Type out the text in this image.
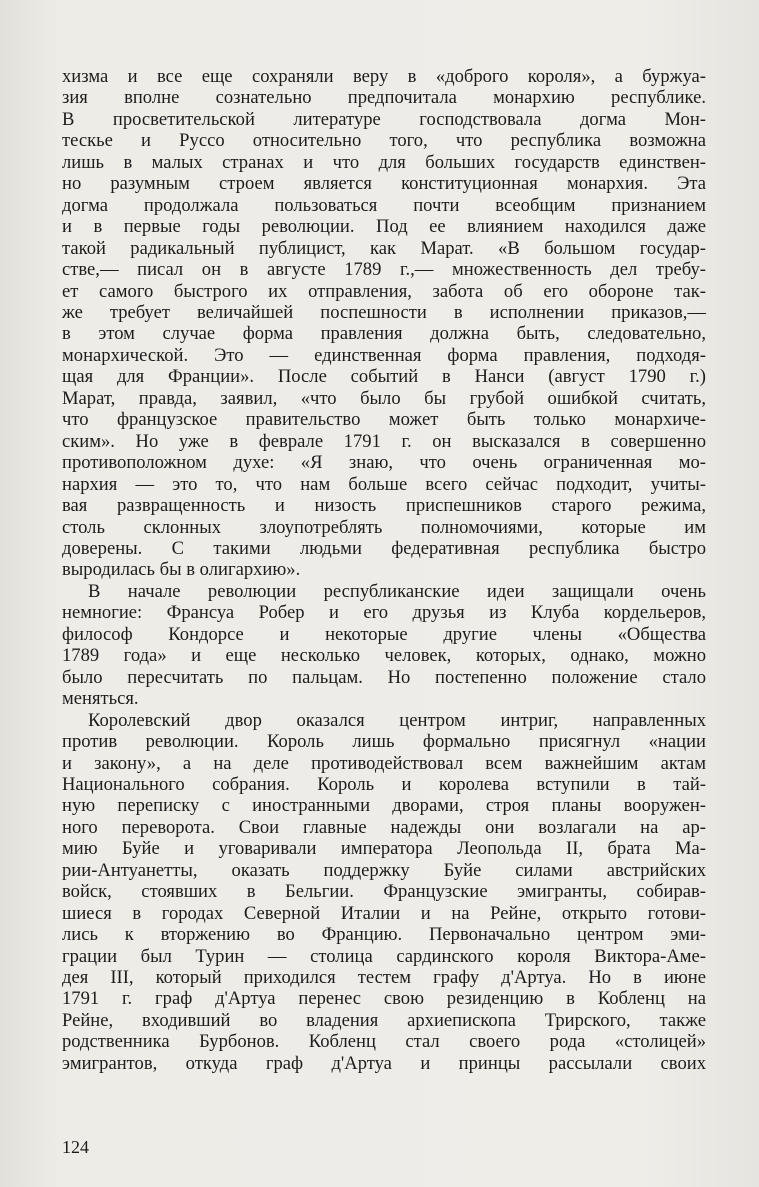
хизма и все еще сохраняли веру в «доброго короля», а буржуа-
зия вполне сознательно предпочитала монархию республике.
В просветительской литературе господствовала догма Мон-
тескье и Руссо относительно того, что республика возможна
лишь в малых странах и что для больших государств единствен-
но разумным строем является конституционная монархия. Эта
догма продолжала пользоваться почти всеобщим признанием
и в первые годы революции. Под ее влиянием находился даже
такой радикальный публицист, как Марат. «В большом государ-
стве,— писал он в августе 1789 г.,— множественность дел требу-
ет самого быстрого их отправления, забота об его обороне так-
же требует величайшей поспешности в исполнении приказов,—
в этом случае форма правления должна быть, следовательно,
монархической. Это — единственная форма правления, подходя-
щая для Франции». После событий в Нанси (август 1790 г.)
Марат, правда, заявил, «что было бы грубой ошибкой считать,
что французское правительство может быть только монархиче-
ским». Но уже в феврале 1791 г. он высказался в совершенно
противоположном духе: «Я знаю, что очень ограниченная мо-
нархия — это то, что нам больше всего сейчас подходит, учиты-
вая развращенность и низость приспешников старого режима,
столь склонных злоупотреблять полномочиями, которые им
доверены. С такими людьми федеративная республика быстро
выродилась бы в олигархию».
В начале революции республиканские идеи защищали очень
немногие: Франсуа Робер и его друзья из Клуба кордельеров,
философ Кондорсе и некоторые другие члены «Общества
1789 года» и еще несколько человек, которых, однако, можно
было пересчитать по пальцам. Но постепенно положение стало
меняться.
Королевский двор оказался центром интриг, направленных
против революции. Король лишь формально присягнул «нации
и закону», а на деле противодействовал всем важнейшим актам
Национального собрания. Король и королева вступили в тай-
ную переписку с иностранными дворами, строя планы вооружен-
ного переворота. Свои главные надежды они возлагали на ар-
мию Буйе и уговаривали императора Леопольда II, брата Ма-
рии-Антуанетты, оказать поддержку Буйе силами австрийских
войск, стоявших в Бельгии. Французские эмигранты, собирав-
шиеся в городах Северной Италии и на Рейне, открыто готови-
лись к вторжению во Францию. Первоначально центром эми-
грации был Турин — столица сардинского короля Виктора-Аме-
дея III, который приходился тестем графу д'Артуа. Но в июне
1791 г. граф д'Артуа перенес свою резиденцию в Кобленц на
Рейне, входивший во владения архиепископа Трирского, также
родственника Бурбонов. Кобленц стал своего рода «столицей»
эмигрантов, откуда граф д'Артуа и принцы рассылали своих
124
